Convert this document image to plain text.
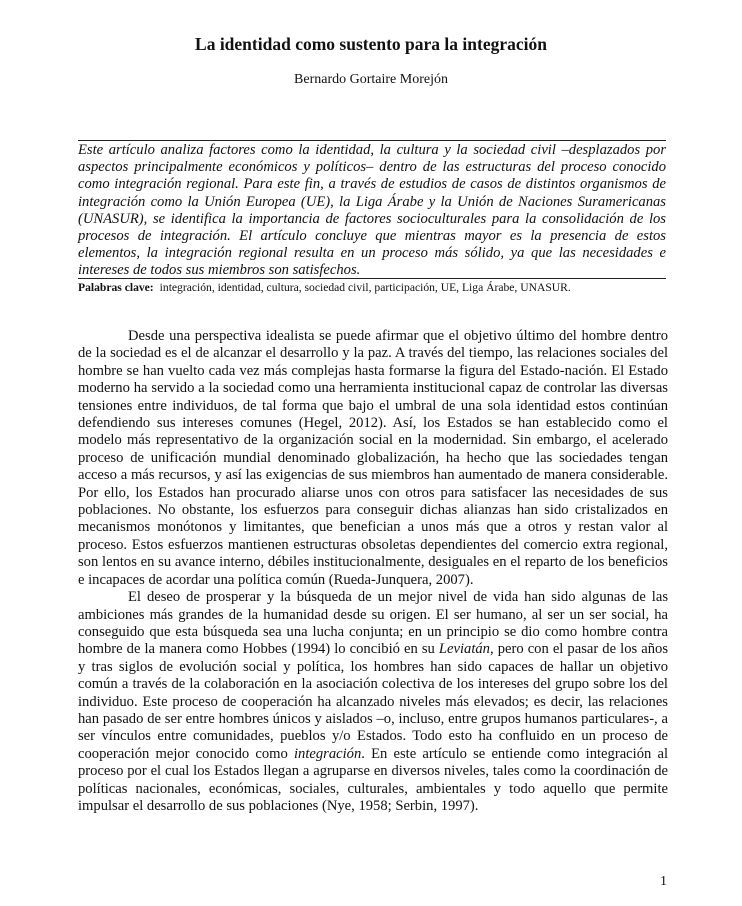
La identidad como sustento para la integración
Bernardo Gortaire Morejón

Este artículo analiza factores como la identidad, la cultura y la sociedad civil –desplazados por aspectos principalmente económicos y políticos– dentro de las estructuras del proceso conocido como integración regional. Para este fin, a través de estudios de casos de distintos organismos de integración como la Unión Europea (UE), la Liga Árabe y la Unión de Naciones Suramericanas (UNASUR), se identifica la importancia de factores socioculturales para la consolidación de los procesos de integración. El artículo concluye que mientras mayor es la presencia de estos elementos, la integración regional resulta en un proceso más sólido, ya que las necesidades e intereses de todos sus miembros son satisfechos.

Palabras clave: integración, identidad, cultura, sociedad civil, participación, UE, Liga Árabe, UNASUR.

Desde una perspectiva idealista se puede afirmar que el objetivo último del hombre dentro de la sociedad es el de alcanzar el desarrollo y la paz. A través del tiempo, las relaciones sociales del hombre se han vuelto cada vez más complejas hasta formarse la figura del Estado-nación. El Estado moderno ha servido a la sociedad como una herramienta institucional capaz de controlar las diversas tensiones entre individuos, de tal forma que bajo el umbral de una sola identidad estos continúan defendiendo sus intereses comunes (Hegel, 2012). Así, los Estados se han establecido como el modelo más representativo de la organización social en la modernidad. Sin embargo, el acelerado proceso de unificación mundial denominado globalización, ha hecho que las sociedades tengan acceso a más recursos, y así las exigencias de sus miembros han aumentado de manera considerable. Por ello, los Estados han procurado aliarse unos con otros para satisfacer las necesidades de sus poblaciones. No obstante, los esfuerzos para conseguir dichas alianzas han sido cristalizados en mecanismos monótonos y limitantes, que benefician a unos más que a otros y restan valor al proceso. Estos esfuerzos mantienen estructuras obsoletas dependientes del comercio extra regional, son lentos en su avance interno, débiles institucionalmente, desiguales en el reparto de los beneficios e incapaces de acordar una política común (Rueda-Junquera, 2007).

El deseo de prosperar y la búsqueda de un mejor nivel de vida han sido algunas de las ambiciones más grandes de la humanidad desde su origen. El ser humano, al ser un ser social, ha conseguido que esta búsqueda sea una lucha conjunta; en un principio se dio como hombre contra hombre de la manera como Hobbes (1994) lo concibió en su Leviatán, pero con el pasar de los años y tras siglos de evolución social y política, los hombres han sido capaces de hallar un objetivo común a través de la colaboración en la asociación colectiva de los intereses del grupo sobre los del individuo. Este proceso de cooperación ha alcanzado niveles más elevados; es decir, las relaciones han pasado de ser entre hombres únicos y aislados –o, incluso, entre grupos humanos particulares-, a ser vínculos entre comunidades, pueblos y/o Estados. Todo esto ha confluido en un proceso de cooperación mejor conocido como integración. En este artículo se entiende como integración al proceso por el cual los Estados llegan a agruparse en diversos niveles, tales como la coordinación de políticas nacionales, económicas, sociales, culturales, ambientales y todo aquello que permite impulsar el desarrollo de sus poblaciones (Nye, 1958; Serbin, 1997).

1
